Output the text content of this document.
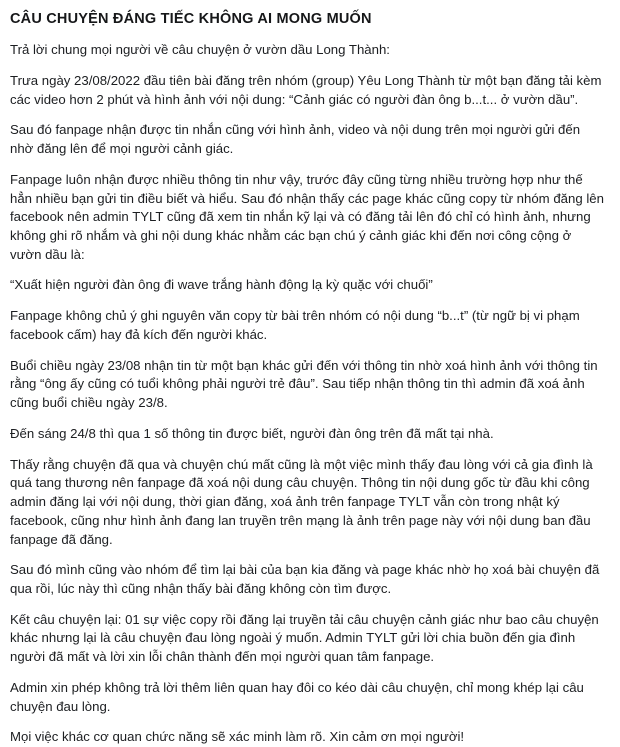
CÂU CHUYỆN ĐÁNG TIẾC KHÔNG AI MONG MUỐN

Trả lời chung mọi người về câu chuyện ở vườn dầu Long Thành:

Trưa ngày 23/08/2022 đầu tiên bài đăng trên nhóm (group) Yêu Long Thành từ một bạn đăng tải kèm các video hơn 2 phút và hình ảnh với nội dung: “Cảnh giác có người đàn ông b...t... ở vườn dầu”.

Sau đó fanpage nhận được tin nhắn cũng với hình ảnh, video và nội dung trên mọi người gửi đến nhờ đăng lên để mọi người cảnh giác.

Fanpage luôn nhận được nhiều thông tin như vậy, trước đây cũng từng nhiều trường hợp như thế hẳn nhiều bạn gửi tin điều biết và hiểu. Sau đó nhận thấy các page khác cũng copy từ nhóm đăng lên facebook nên admin TYLT cũng đã xem tin nhắn kỹ lại và có đăng tải lên đó chỉ có hình ảnh, nhưng không ghi rõ nhắm và ghi nội dung khác nhằm các bạn chú ý cảnh giác khi đến nơi công cộng ở vườn dầu là:

“Xuất hiện người đàn ông đi wave trắng hành động lạ kỳ quặc với chuối”

Fanpage không chủ ý ghi nguyên văn copy từ bài trên nhóm có nội dung “b...t” (từ ngữ bị vi phạm facebook cấm) hay đả kích đến người khác.

Buổi chiều ngày 23/08 nhận tin từ một bạn khác gửi đến với thông tin nhờ xoá hình ảnh với thông tin rằng “ông ấy cũng có tuổi không phải người trẻ đâu”. Sau tiếp nhận thông tin thì admin đã xoá ảnh cũng buổi chiều ngày 23/8.

Đến sáng 24/8 thì qua 1 số thông tin được biết, người đàn ông trên đã mất tại nhà.

Thấy rằng chuyện đã qua và chuyện chú mất cũng là một việc mình thấy đau lòng với cả gia đình là quá tang thương nên fanpage đã xoá nội dung câu chuyện. Thông tin nội dung gốc từ đầu khi công admin đăng lại với nội dung, thời gian đăng, xoá ảnh trên fanpage TYLT vẫn còn trong nhật ký facebook, cũng như hình ảnh đang lan truyền trên mạng là ảnh trên page này với nội dung ban đầu fanpage đã đăng.

Sau đó mình cũng vào nhóm để tìm lại bài của bạn kia đăng và page khác nhờ họ xoá bài chuyện đã qua rồi, lúc này thì cũng nhận thấy bài đăng không còn tìm được.

Kết câu chuyện lại: 01 sự việc copy rồi đăng lại truyền tải câu chuyện cảnh giác như bao câu chuyện khác nhưng lại là câu chuyện đau lòng ngoài ý muốn. Admin TYLT gửi lời chia buồn đến gia đình người đã mất và lời xin lỗi chân thành đến mọi người quan tâm fanpage.

Admin xin phép không trả lời thêm liên quan hay đôi co kéo dài câu chuyện, chỉ mong khép lại câu chuyện đau lòng.

Mọi việc khác cơ quan chức năng sẽ xác minh làm rõ. Xin cảm ơn mọi người!
